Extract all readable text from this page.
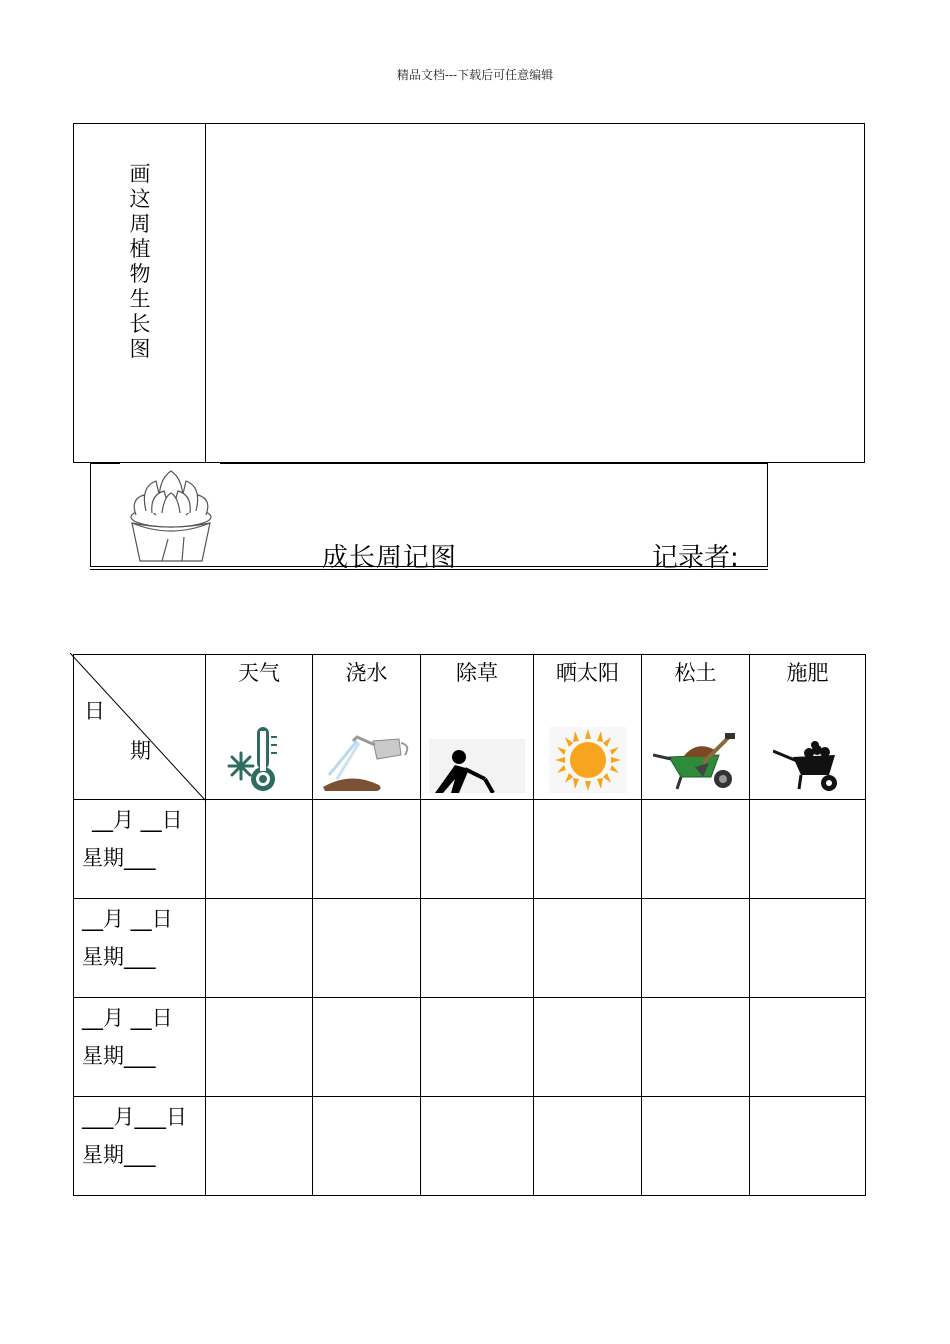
精品文档---下载后可任意编辑
画
这
周
植
物
生
长
图
成长周记图	记录者:
日
期	天气	浇水	除草	晒太阳	松土	施肥

__月 __日
星期___						

__月 __日
星期___						

__月 __日
星期___						

___月___日
星期___						
